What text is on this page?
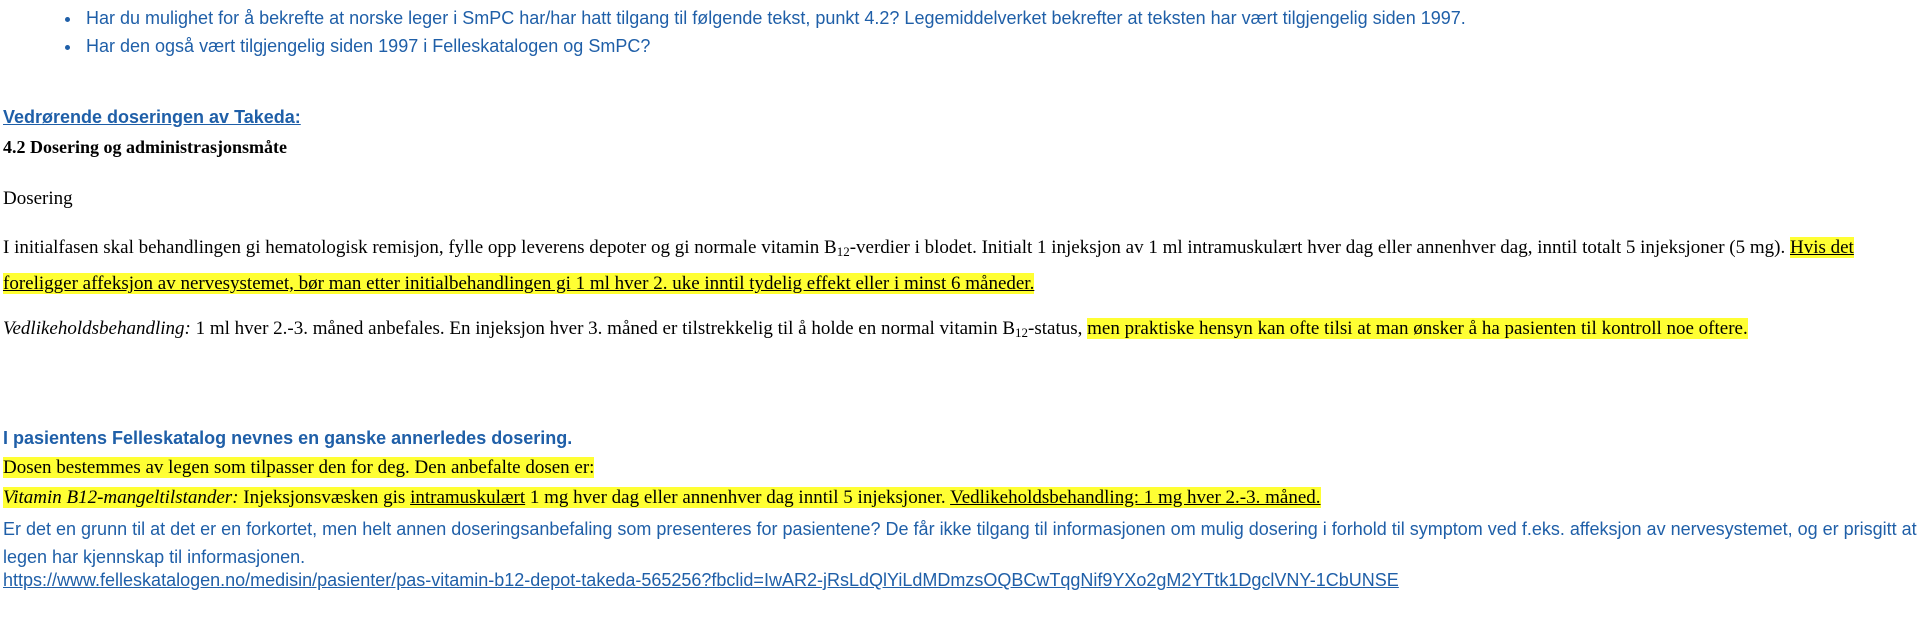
• Har du mulighet for å bekrefte at norske leger i SmPC har/har hatt tilgang til følgende tekst, punkt 4.2? Legemiddelverket bekrefter at teksten har vært tilgjengelig siden 1997.
• Har den også vært tilgjengelig siden 1997 i Felleskatalogen og SmPC?
Vedrørende doseringen av Takeda:
4.2 Dosering og administrasjonsmåte
Dosering
I initialfasen skal behandlingen gi hematologisk remisjon, fylle opp leverens depoter og gi normale vitamin $B_{12}$-verdier i blodet. Initialt 1 injeksjon av 1 ml intramuskulært hver dag eller annenhver dag, inntil totalt 5 injeksjoner (5 mg). Hvis det foreligger affeksjon av nervesystemet, bør man etter initialbehandlingen gi 1 ml hver 2. uke inntil tydelig effekt eller i minst 6 måneder.
Vedlikeholdsbehandling: 1 ml hver 2.-3. måned anbefales. En injeksjon hver 3. måned er tilstrekkelig til å holde en normal vitamin $B_{12}$-status, men praktiske hensyn kan ofte tilsi at man ønsker å ha pasienten til kontroll noe oftere.
I pasientens Felleskatalog nevnes en ganske annerledes dosering.
Dosen bestemmes av legen som tilpasser den for deg. Den anbefalte dosen er:
Vitamin B12-mangeltilstander: Injeksjonsvæsken gis intramuskulært 1 mg hver dag eller annenhver dag inntil 5 injeksjoner. Vedlikeholdsbehandling: 1 mg hver 2.-3. måned.
Er det en grunn til at det er en forkortet, men helt annen doseringsanbefaling som presenteres for pasientene? De får ikke tilgang til informasjonen om mulig dosering i forhold til symptom ved f.eks. affeksjon av nervesystemet, og er prisgitt at legen har kjennskap til informasjonen.
https://www.felleskatalogen.no/medisin/pasienter/pas-vitamin-b12-depot-takeda-565256?fbclid=IwAR2-jRsLdQlYiLdMDmzsOQBCwTqgNif9YXo2gM2YTtk1DgclVNY-1CbUNSE
